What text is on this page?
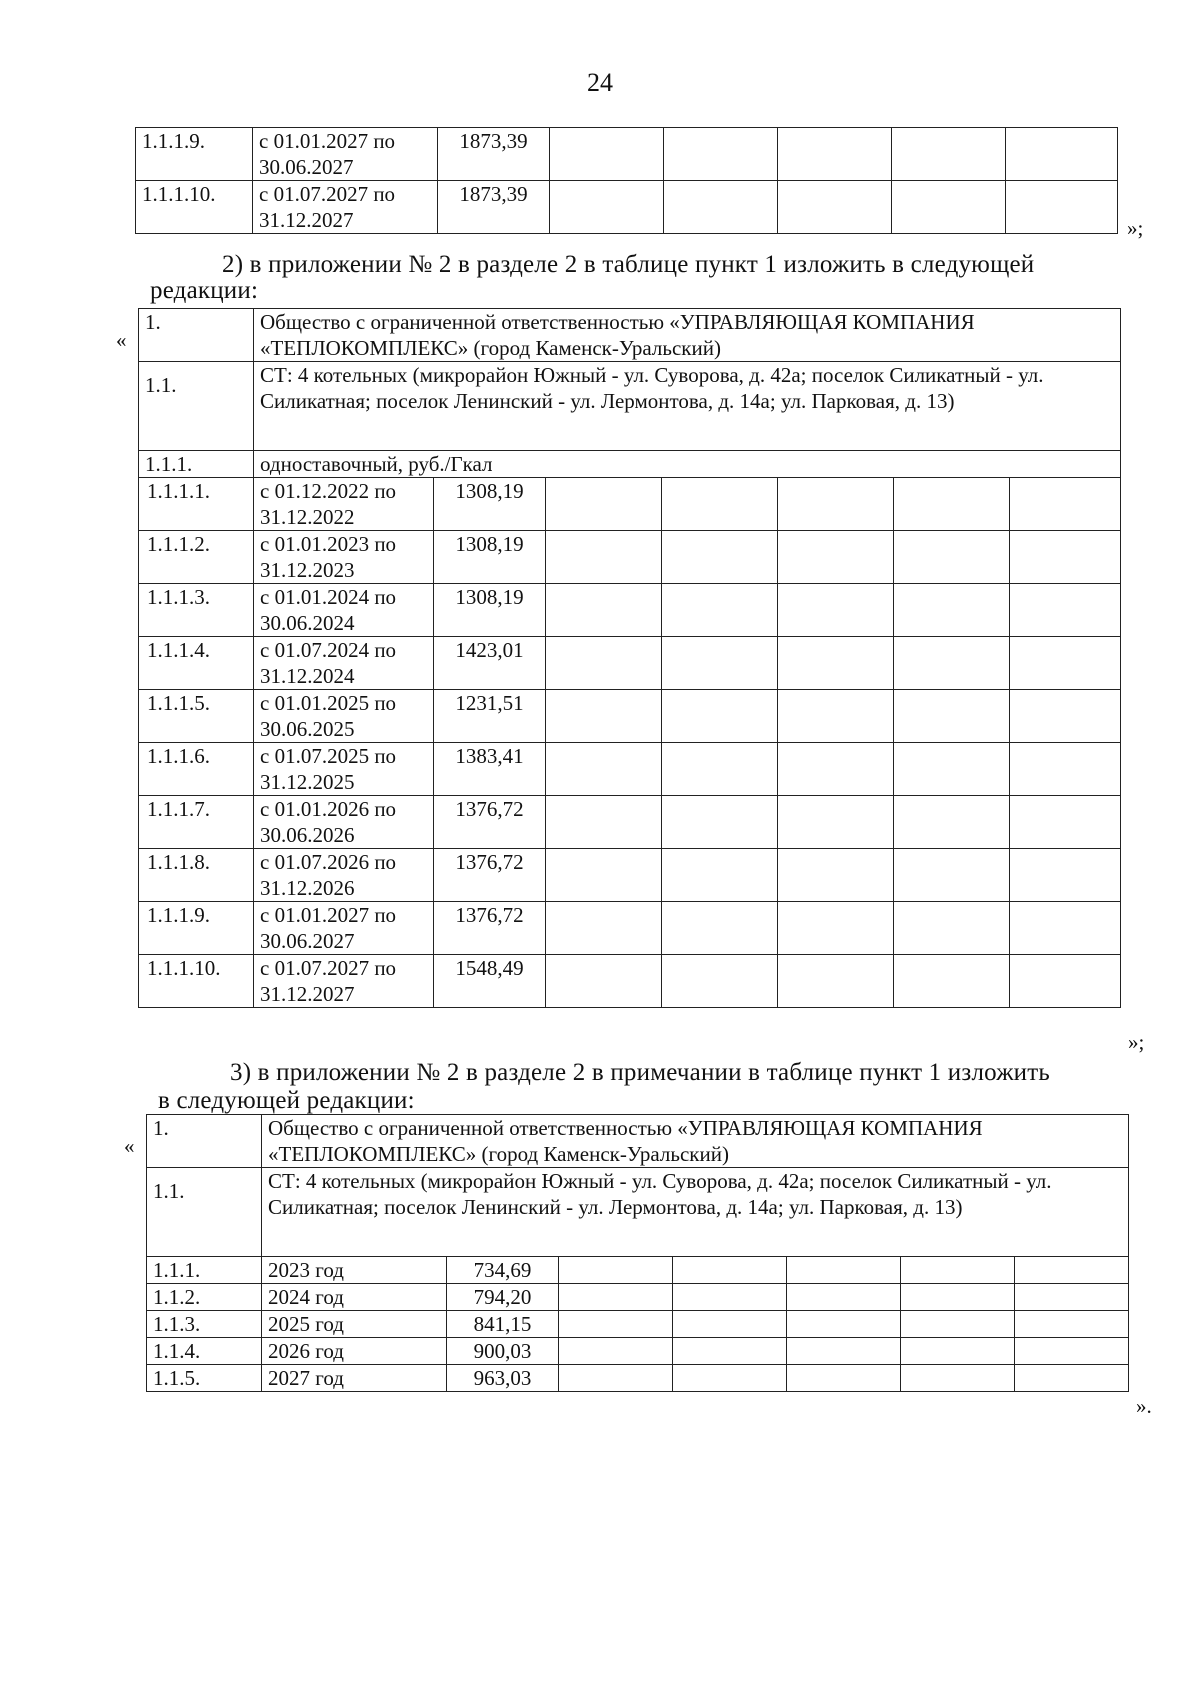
24
1.1.1.9.	с 01.01.2027 по 30.06.2027	1873,39					
1.1.1.10.	с 01.07.2027 по 31.12.2027	1873,39					
»;
2) в приложении № 2 в разделе 2 в таблице пункт 1 изложить в следующей
редакции:
«
1.	Общество с ограниченной ответственностью «УПРАВЛЯЮЩАЯ КОМПАНИЯ «ТЕПЛОКОМПЛЕКС» (город Каменск-Уральский)						
1.1.	СТ: 4 котельных (микрорайон Южный - ул. Суворова, д. 42а; поселок Силикатный - ул. Силикатная; поселок Ленинский - ул. Лермонтова, д. 14а; ул. Парковая, д. 13)						
1.1.1.	одноставочный, руб./Гкал						
1.1.1.1.	с 01.12.2022 по 31.12.2022	1308,19					
1.1.1.2.	с 01.01.2023 по 31.12.2023	1308,19					
1.1.1.3.	с 01.01.2024 по 30.06.2024	1308,19					
1.1.1.4.	с 01.07.2024 по 31.12.2024	1423,01					
1.1.1.5.	с 01.01.2025 по 30.06.2025	1231,51					
1.1.1.6.	с 01.07.2025 по 31.12.2025	1383,41					
1.1.1.7.	с 01.01.2026 по 30.06.2026	1376,72					
1.1.1.8.	с 01.07.2026 по 31.12.2026	1376,72					
1.1.1.9.	с 01.01.2027 по 30.06.2027	1376,72					
1.1.1.10.	с 01.07.2027 по 31.12.2027	1548,49					
»;
3) в приложении № 2 в разделе 2 в примечании в таблице пункт 1 изложить
в следующей редакции:
«
1.	Общество с ограниченной ответственностью «УПРАВЛЯЮЩАЯ КОМПАНИЯ «ТЕПЛОКОМПЛЕКС» (город Каменск-Уральский)						
1.1.	СТ: 4 котельных (микрорайон Южный - ул. Суворова, д. 42а; поселок Силикатный - ул. Силикатная; поселок Ленинский - ул. Лермонтова, д. 14а; ул. Парковая, д. 13)						
1.1.1.	2023 год	734,69					
1.1.2.	2024 год	794,20					
1.1.3.	2025 год	841,15					
1.1.4.	2026 год	900,03					
1.1.5.	2027 год	963,03					
».
